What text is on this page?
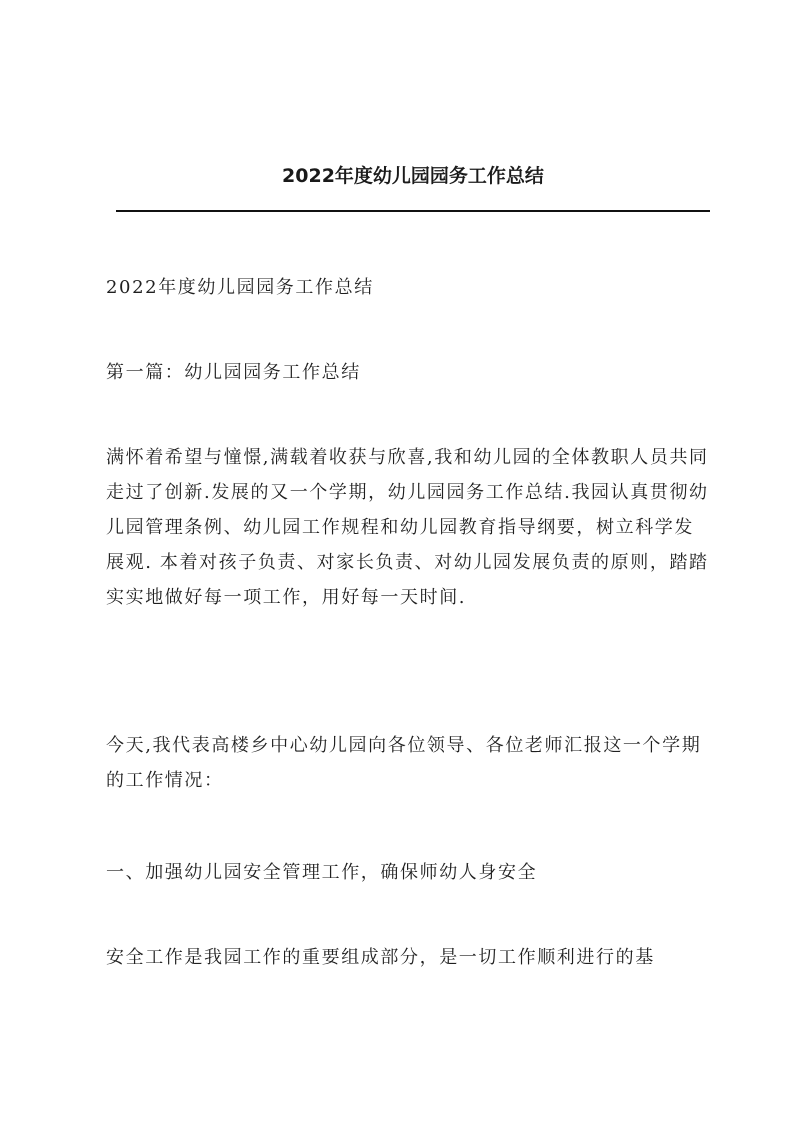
2022年度幼儿园园务工作总结

2022年度幼儿园园务工作总结

第一篇：幼儿园园务工作总结

满怀着希望与憧憬,满载着收获与欣喜,我和幼儿园的全体教职人员共同走过了创新.发展的又一个学期，幼儿园园务工作总结.我园认真贯彻幼儿园管理条例、幼儿园工作规程和幼儿园教育指导纲要，树立科学发展观. 本着对孩子负责、对家长负责、对幼儿园发展负责的原则，踏踏实实地做好每一项工作，用好每一天时间.

今天,我代表高楼乡中心幼儿园向各位领导、各位老师汇报这一个学期的工作情况：

一、加强幼儿园安全管理工作，确保师幼人身安全

安全工作是我园工作的重要组成部分，是一切工作顺利进行的基
